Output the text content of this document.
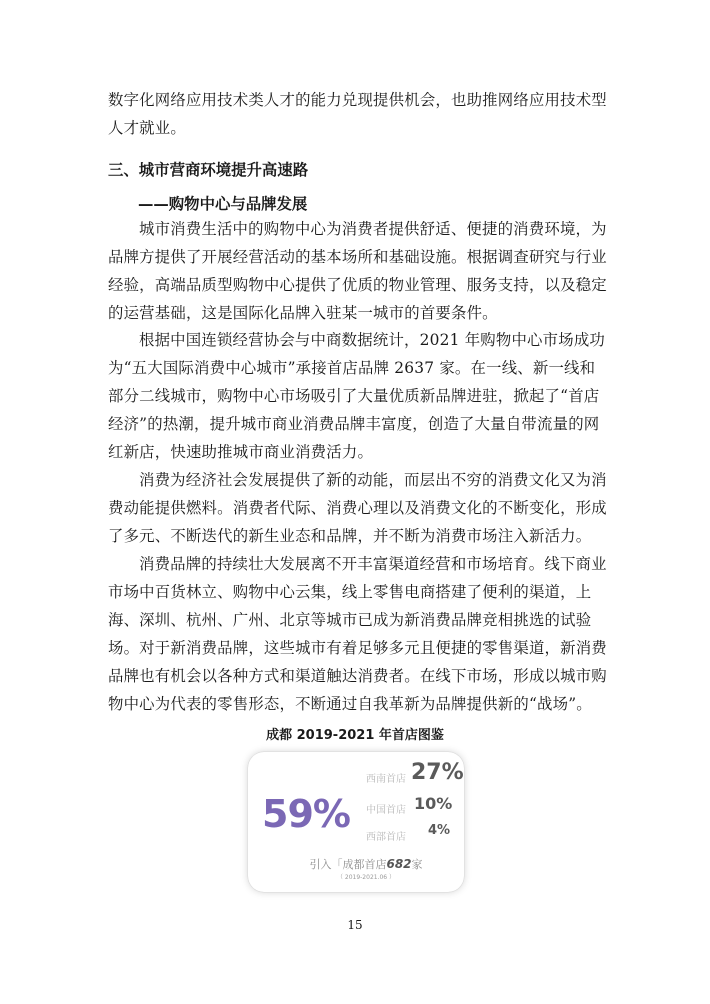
数字化网络应用技术类人才的能力兑现提供机会，也助推网络应用技术型人才就业。

三、城市营商环境提升高速路

——购物中心与品牌发展

城市消费生活中的购物中心为消费者提供舒适、便捷的消费环境，为品牌方提供了开展经营活动的基本场所和基础设施。根据调查研究与行业经验，高端品质型购物中心提供了优质的物业管理、服务支持，以及稳定的运营基础，这是国际化品牌入驻某一城市的首要条件。

根据中国连锁经营协会与中商数据统计，2021 年购物中心市场成功为“五大国际消费中心城市”承接首店品牌 2637 家。在一线、新一线和部分二线城市，购物中心市场吸引了大量优质新品牌进驻，掀起了“首店经济”的热潮，提升城市商业消费品牌丰富度，创造了大量自带流量的网红新店，快速助推城市商业消费活力。

消费为经济社会发展提供了新的动能，而层出不穷的消费文化又为消费动能提供燃料。消费者代际、消费心理以及消费文化的不断变化，形成了多元、不断迭代的新生业态和品牌，并不断为消费市场注入新活力。

消费品牌的持续壮大发展离不开丰富渠道经营和市场培育。线下商业市场中百货林立、购物中心云集，线上零售电商搭建了便利的渠道，上海、深圳、杭州、广州、北京等城市已成为新消费品牌竞相挑选的试验场。对于新消费品牌，这些城市有着足够多元且便捷的零售渠道，新消费品牌也有机会以各种方式和渠道触达消费者。在线下市场，形成以城市购物中心为代表的零售形态，不断通过自我革新为品牌提供新的“战场”。

成都 2019-2021 年首店图鉴
59%
西南首店 27%
中国首店 10%
西部首店 4%
引入「成都首店682家
（ 2019-2021.06 ）
15
